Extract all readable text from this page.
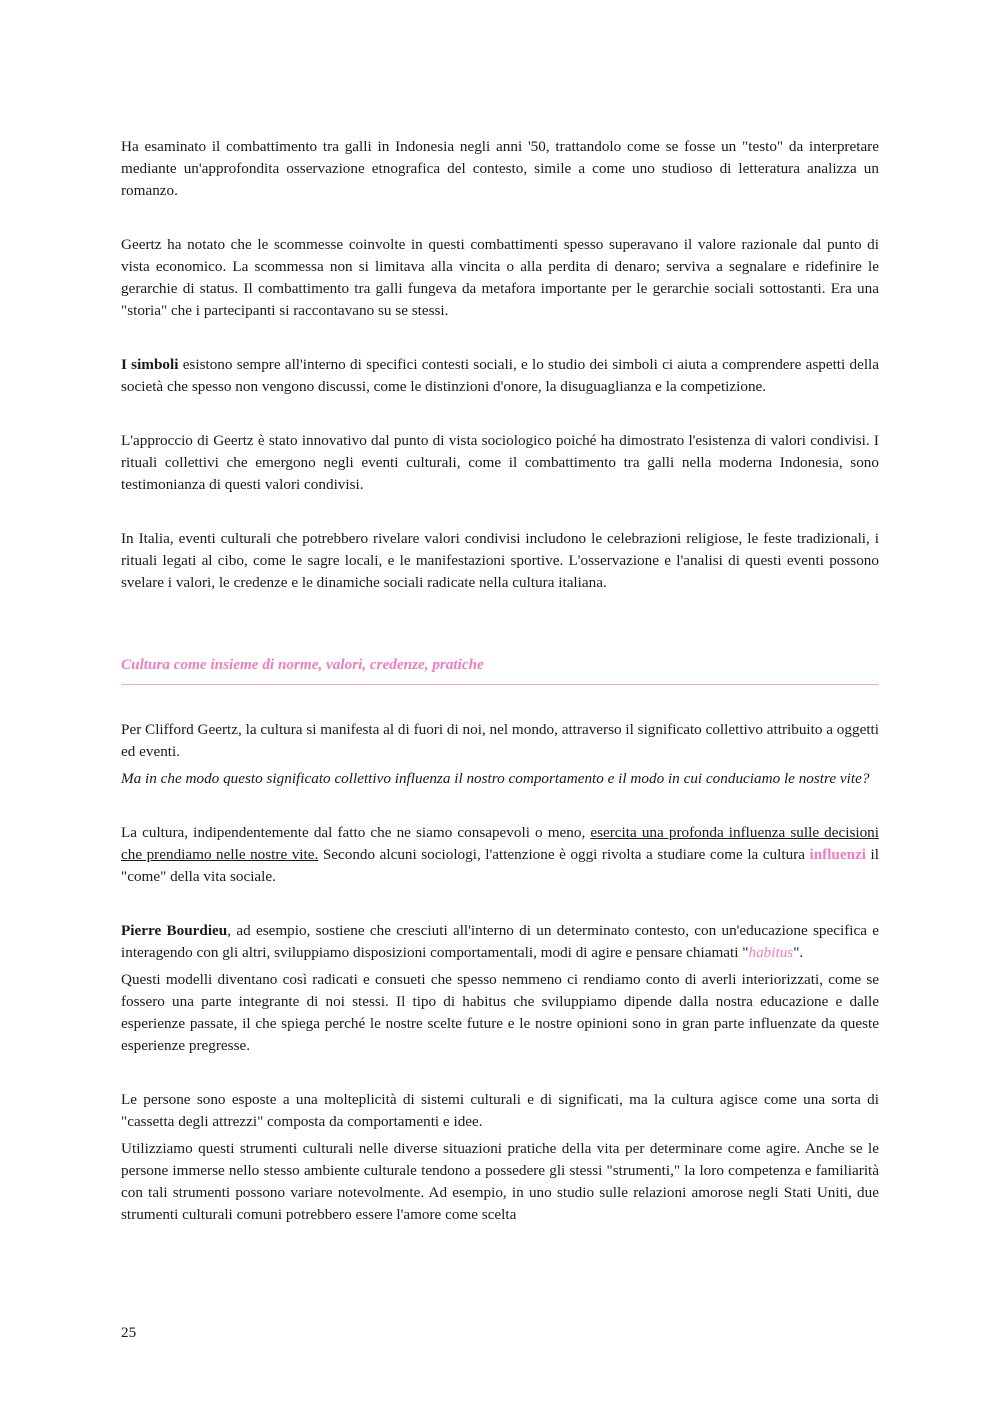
Ha esaminato il combattimento tra galli in Indonesia negli anni '50, trattandolo come se fosse un "testo" da interpretare mediante un'approfondita osservazione etnografica del contesto, simile a come uno studioso di letteratura analizza un romanzo.

Geertz ha notato che le scommesse coinvolte in questi combattimenti spesso superavano il valore razionale dal punto di vista economico. La scommessa non si limitava alla vincita o alla perdita di denaro; serviva a segnalare e ridefinire le gerarchie di status. Il combattimento tra galli fungeva da metafora importante per le gerarchie sociali sottostanti. Era una "storia" che i partecipanti si raccontavano su se stessi.

I simboli esistono sempre all'interno di specifici contesti sociali, e lo studio dei simboli ci aiuta a comprendere aspetti della società che spesso non vengono discussi, come le distinzioni d'onore, la disuguaglianza e la competizione.

L'approccio di Geertz è stato innovativo dal punto di vista sociologico poiché ha dimostrato l'esistenza di valori condivisi. I rituali collettivi che emergono negli eventi culturali, come il combattimento tra galli nella moderna Indonesia, sono testimonianza di questi valori condivisi.

In Italia, eventi culturali che potrebbero rivelare valori condivisi includono le celebrazioni religiose, le feste tradizionali, i rituali legati al cibo, come le sagre locali, e le manifestazioni sportive. L'osservazione e l'analisi di questi eventi possono svelare i valori, le credenze e le dinamiche sociali radicate nella cultura italiana.

Cultura come insieme di norme, valori, credenze, pratiche

Per Clifford Geertz, la cultura si manifesta al di fuori di noi, nel mondo, attraverso il significato collettivo attribuito a oggetti ed eventi.

Ma in che modo questo significato collettivo influenza il nostro comportamento e il modo in cui conduciamo le nostre vite?

La cultura, indipendentemente dal fatto che ne siamo consapevoli o meno, esercita una profonda influenza sulle decisioni che prendiamo nelle nostre vite. Secondo alcuni sociologi, l'attenzione è oggi rivolta a studiare come la cultura influenzi il "come" della vita sociale.

Pierre Bourdieu, ad esempio, sostiene che cresciuti all'interno di un determinato contesto, con un'educazione specifica e interagendo con gli altri, sviluppiamo disposizioni comportamentali, modi di agire e pensare chiamati "habitus".

Questi modelli diventano così radicati e consueti che spesso nemmeno ci rendiamo conto di averli interiorizzati, come se fossero una parte integrante di noi stessi. Il tipo di habitus che sviluppiamo dipende dalla nostra educazione e dalle esperienze passate, il che spiega perché le nostre scelte future e le nostre opinioni sono in gran parte influenzate da queste esperienze pregresse.

Le persone sono esposte a una molteplicità di sistemi culturali e di significati, ma la cultura agisce come una sorta di "cassetta degli attrezzi" composta da comportamenti e idee.

Utilizziamo questi strumenti culturali nelle diverse situazioni pratiche della vita per determinare come agire. Anche se le persone immerse nello stesso ambiente culturale tendono a possedere gli stessi "strumenti," la loro competenza e familiarità con tali strumenti possono variare notevolmente. Ad esempio, in uno studio sulle relazioni amorose negli Stati Uniti, due strumenti culturali comuni potrebbero essere l'amore come scelta

25
